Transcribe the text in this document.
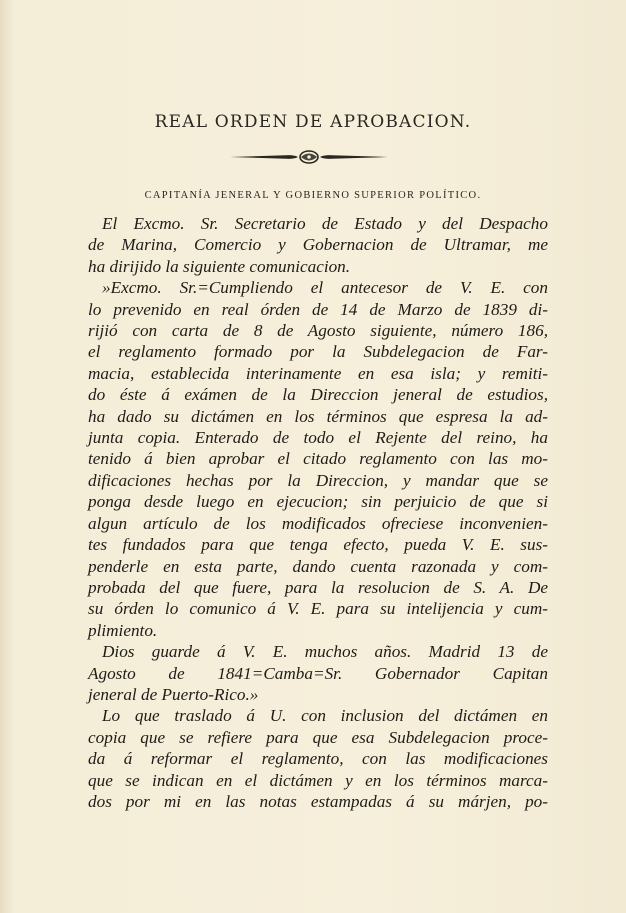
REAL ORDEN DE APROBACION.
CAPITANÍA JENERAL Y GOBIERNO SUPERIOR POLÍTICO.
El Excmo. Sr. Secretario de Estado y del Despacho
de Marina, Comercio y Gobernacion de Ultramar, me
ha dirijido la siguiente comunicacion.
»Excmo. Sr.=Cumpliendo el antecesor de V. E. con
lo prevenido en real órden de 14 de Marzo de 1839 di-
rijió con carta de 8 de Agosto siguiente, número 186,
el reglamento formado por la Subdelegacion de Far-
macia, establecida interinamente en esa isla; y remiti-
do éste á exámen de la Direccion jeneral de estudios,
ha dado su dictámen en los términos que espresa la ad-
junta copia. Enterado de todo el Rejente del reino, ha
tenido á bien aprobar el citado reglamento con las mo-
dificaciones hechas por la Direccion, y mandar que se
ponga desde luego en ejecucion; sin perjuicio de que si
algun artículo de los modificados ofreciese inconvenien-
tes fundados para que tenga efecto, pueda V. E. sus-
penderle en esta parte, dando cuenta razonada y com-
probada del que fuere, para la resolucion de S. A. De
su órden lo comunico á V. E. para su intelijencia y cum-
plimiento.
Dios guarde á V. E. muchos años. Madrid 13 de
Agosto de 1841=Camba=Sr. Gobernador Capitan
jeneral de Puerto-Rico.»
Lo que traslado á U. con inclusion del dictámen en
copia que se refiere para que esa Subdelegacion proce-
da á reformar el reglamento, con las modificaciones
que se indican en el dictámen y en los términos marca-
dos por mi en las notas estampadas á su márjen, po-
